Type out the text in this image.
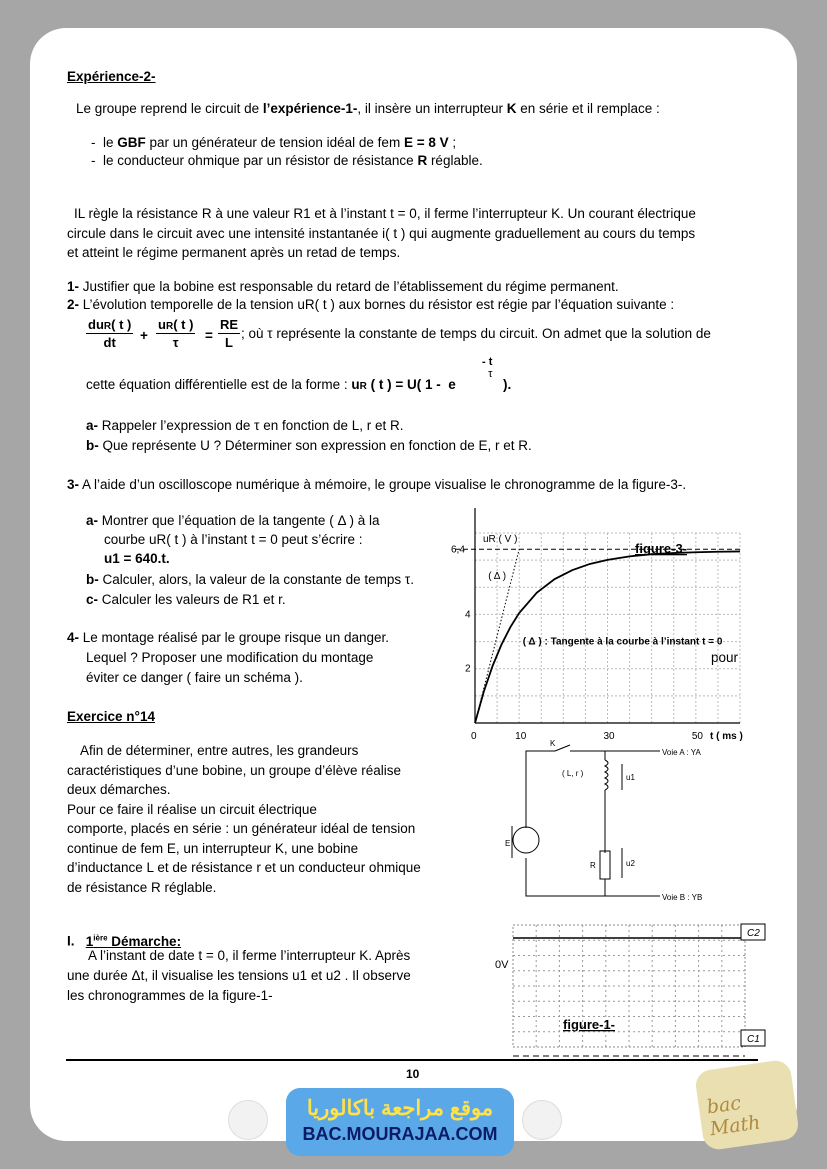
Expérience-2-
Le groupe reprend le circuit de l’expérience-1-, il insère un interrupteur K en série et il remplace :
-  le GBF par un générateur de tension idéal de fem E = 8 V ;
-  le conducteur ohmique par un résistor de résistance R réglable.
IL règle la résistance R à une valeur R1 et à l’instant t = 0, il ferme l’interrupteur K. Un courant électrique
circule dans le circuit avec une intensité instantanée i( t ) qui augmente graduellement au cours du temps
et atteint le régime permanent après un retad de temps.
1- Justifier que la bobine est responsable du retard de l’établissement du régime permanent.
2- L’évolution temporelle de la tension uR( t ) aux bornes du résistor est régie par l’équation suivante :
duR( t )
dt	+ $\frac{uR( t )}{\tau} = \frac{RE}{L}$ ; où τ représente la constante de temps du circuit. On admet que la solution de
cette équation différentielle est de la forme : uR ( t ) = U( 1 -  e
- t
τ
).
a- Rappeler l’expression de τ en fonction de L, r et R.
b- Que représente U ? Déterminer son expression en fonction de E, r et R.
3- A l’aide d’un oscilloscope numérique à mémoire, le groupe visualise le chronogramme de la figure-3-.
a- Montrer que l’équation de la tangente ( Δ ) à la
courbe uR( t ) à l’instant t = 0 peut s’écrire :
u1 = 640.t.
b- Calculer, alors, la valeur de la constante de temps τ.
c- Calculer les valeurs de R1 et r.
4- Le montage réalisé par le groupe risque un danger.
Lequel ? Proposer une modification du montage	pour
éviter ce danger ( faire un schéma ).
0	10	30	50
2
4
6,4
uR ( V )
t ( ms )
( Δ )
( Δ ) : Tangente à la courbe à l’instant t = 0
figure-3-
Exercice n°14
Afin de déterminer, entre autres, les grandeurs
caractéristiques d’une bobine, un groupe d’élève réalise
deux démarches.
Pour ce faire il réalise un circuit électrique
comporte, placés en série : un générateur idéal de tension
continue de fem E, un interrupteur K, une bobine
d’inductance L et de résistance r et un conducteur ohmique
de résistance R réglable.
I. $1^{ière}$ Démarche:
A l’instant de date t = 0, il ferme l’interrupteur K. Après
une durée Δt, il visualise les tensions u1 et u2 . Il observe
les chronogrammes de la figure-1-
K
Voie A : YA
Voie B : YB
( L, r )	u1
u2
R
E
0V
C2
C1
figure-1-
10
موقع مراجعة باكالوريا
BAC.MOURAJAA.COM
bac Math
